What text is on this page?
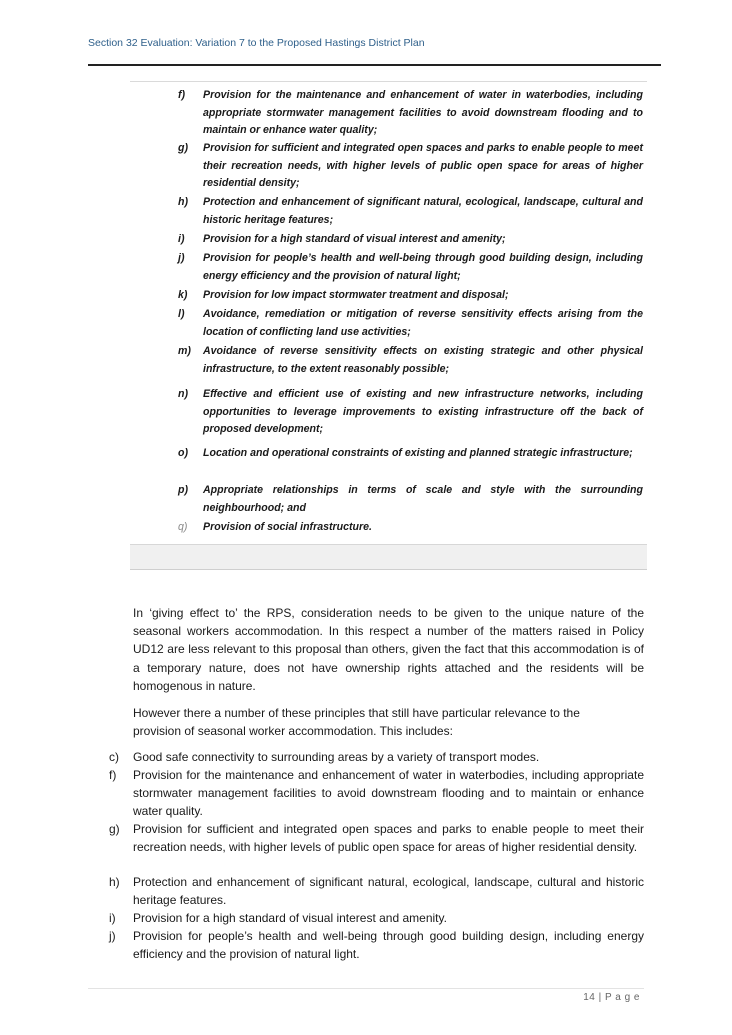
Section 32 Evaluation: Variation 7 to the Proposed Hastings District Plan
f) Provision for the maintenance and enhancement of water in waterbodies, including appropriate stormwater management facilities to avoid downstream flooding and to maintain or enhance water quality;
g) Provision for sufficient and integrated open spaces and parks to enable people to meet their recreation needs, with higher levels of public open space for areas of higher residential density;
h) Protection and enhancement of significant natural, ecological, landscape, cultural and historic heritage features;
i) Provision for a high standard of visual interest and amenity;
j) Provision for people’s health and well-being through good building design, including energy efficiency and the provision of natural light;
k) Provision for low impact stormwater treatment and disposal;
l) Avoidance, remediation or mitigation of reverse sensitivity effects arising from the location of conflicting land use activities;
m) Avoidance of reverse sensitivity effects on existing strategic and other physical infrastructure, to the extent reasonably possible;
n) Effective and efficient use of existing and new infrastructure networks, including opportunities to leverage improvements to existing infrastructure off the back of proposed development;
o) Location and operational constraints of existing and planned strategic infrastructure;
p) Appropriate relationships in terms of scale and style with the surrounding neighbourhood; and
q) Provision of social infrastructure.
In ‘giving effect to’ the RPS, consideration needs to be given to the unique nature of the seasonal workers accommodation. In this respect a number of the matters raised in Policy UD12 are less relevant to this proposal than others, given the fact that this accommodation is of a temporary nature, does not have ownership rights attached and the residents will be homogenous in nature.
However there a number of these principles that still have particular relevance to the provision of seasonal worker accommodation. This includes:
c) Good safe connectivity to surrounding areas by a variety of transport modes.
f) Provision for the maintenance and enhancement of water in waterbodies, including appropriate stormwater management facilities to avoid downstream flooding and to maintain or enhance water quality.
g) Provision for sufficient and integrated open spaces and parks to enable people to meet their recreation needs, with higher levels of public open space for areas of higher residential density.
h) Protection and enhancement of significant natural, ecological, landscape, cultural and historic heritage features.
i) Provision for a high standard of visual interest and amenity.
j) Provision for people’s health and well-being through good building design, including energy efficiency and the provision of natural light.
14 | P a g e
